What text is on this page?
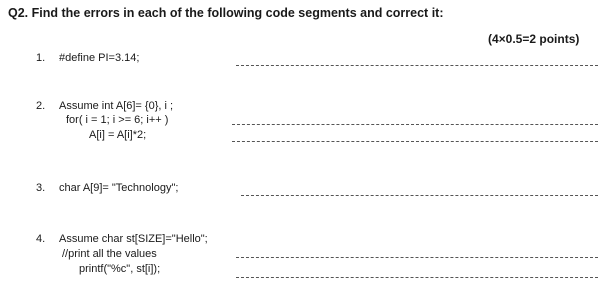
Q2. Find the errors in each of the following code segments and correct it:
(4×0.5=2 points)
1. #define PI=3.14;
2. Assume int A[6]= {0}, i ;
for( i = 1; i >= 6; i++ )
A[i] = A[i]*2;
3. char A[9]= "Technology";
4. Assume char st[SIZE]="Hello";
//print all the values
printf("%c", st[i]);
